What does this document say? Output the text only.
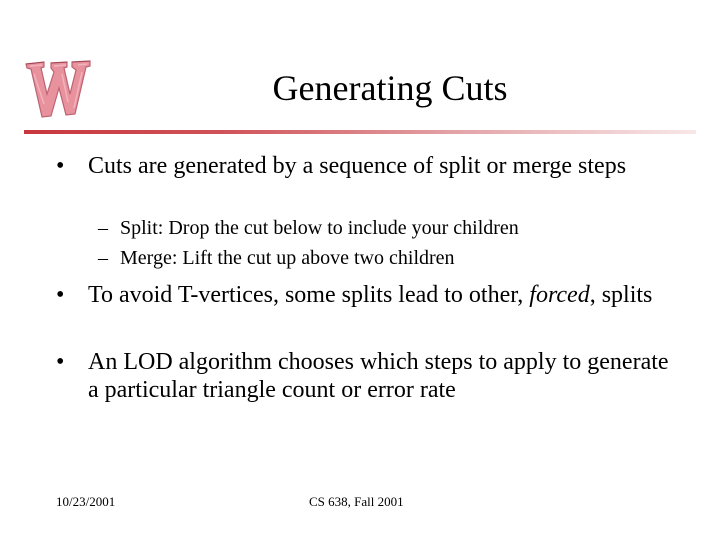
Generating Cuts
• Cuts are generated by a sequence of split or merge steps
– Split: Drop the cut below to include your children
– Merge: Lift the cut up above two children
• To avoid T-vertices, some splits lead to other, forced, splits
• An LOD algorithm chooses which steps to apply to generate a particular triangle count or error rate
10/23/2001	CS 638, Fall 2001
